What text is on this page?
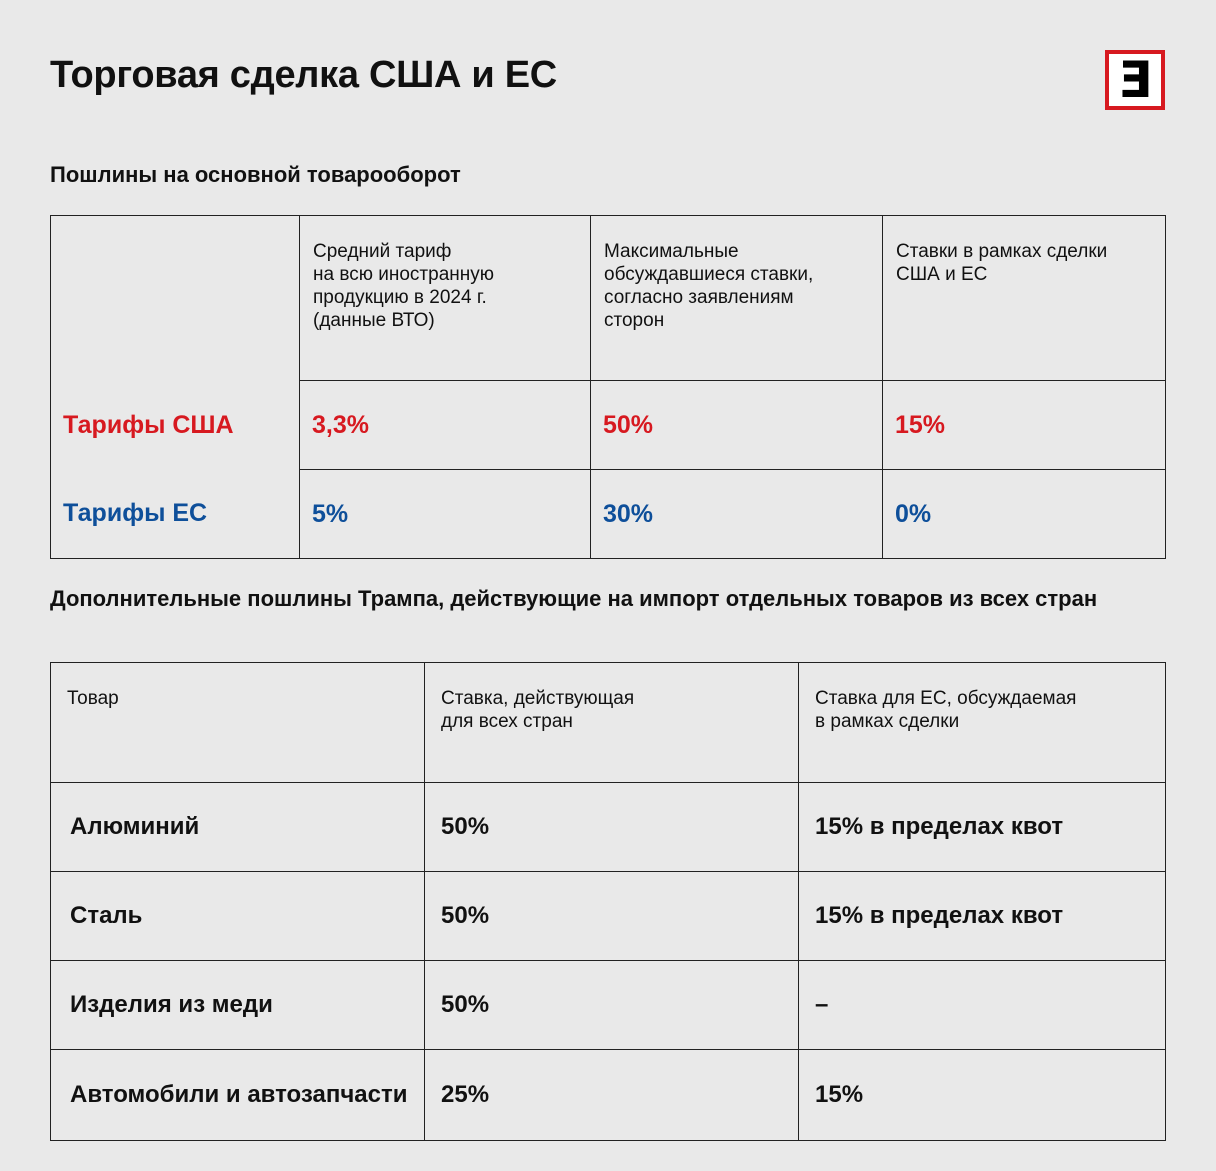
Торговая сделка США и ЕС	Ǝ
Пошлины на основной товарооборот
	Средний тариф
на всю иностранную
продукцию в 2024 г.
(данные ВТО)	Максимальные
обсуждавшиеся ставки,
согласно заявлениям
сторон	Ставки в рамках сделки
США и ЕС
Тарифы США	3,3%	50%	15%
Тарифы ЕС	5%	30%	0%
Дополнительные пошлины Трампа, действующие на импорт отдельных товаров из всех стран
Товар	Ставка, действующая
для всех стран	Ставка для ЕС, обсуждаемая
в рамках сделки
Алюминий	50%	15% в пределах квот
Сталь	50%	15% в пределах квот
Изделия из меди	50%	–
Автомобили и автозапчасти	25%	15%
